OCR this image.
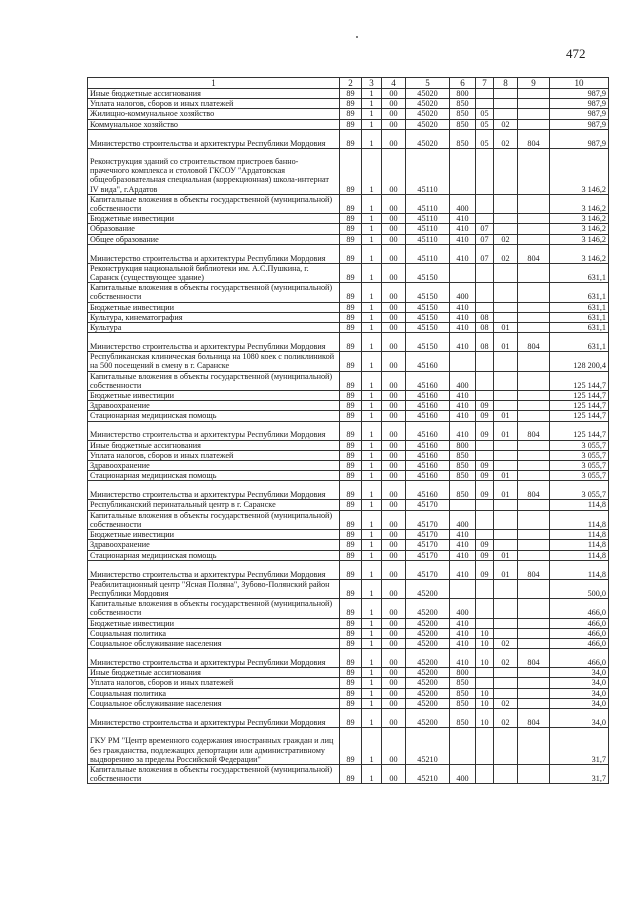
472
1	2	3	4	5	6	7	8	9	10
Иные бюджетные ассигнования	89	1	00	45020	800				987,9
Уплата налогов, сборов и иных платежей	89	1	00	45020	850				987,9
Жилищно-коммунальное хозяйство	89	1	00	45020	850	05			987,9
Коммунальное хозяйство	89	1	00	45020	850	05	02		987,9
Министерство строительства и архитектуры Республики Мордовия	89	1	00	45020	850	05	02	804	987,9
Реконструкция зданий со строительством пристроев банно-прачечного комплекса и столовой ГКСОУ "Ардатовская общеобразовательная специальная (коррекционная) школа-интернат IV вида", г.Ардатов	89	1	00	45110					3 146,2
Капитальные вложения в объекты государственной (муниципальной) собственности	89	1	00	45110	400				3 146,2
Бюджетные инвестиции	89	1	00	45110	410				3 146,2
Образование	89	1	00	45110	410	07			3 146,2
Общее образование	89	1	00	45110	410	07	02		3 146,2
Министерство строительства и архитектуры Республики Мордовия	89	1	00	45110	410	07	02	804	3 146,2
Реконструкция национальной библиотеки им. А.С.Пушкина, г. Саранск (существующее здание)	89	1	00	45150					631,1
Капитальные вложения в объекты государственной (муниципальной) собственности	89	1	00	45150	400				631,1
Бюджетные инвестиции	89	1	00	45150	410				631,1
Культура, кинематография	89	1	00	45150	410	08			631,1
Культура	89	1	00	45150	410	08	01		631,1
Министерство строительства и архитектуры Республики Мордовия	89	1	00	45150	410	08	01	804	631,1
Республиканская клиническая больница на 1080 коек с поликлиникой на 500 посещений в смену в г. Саранске	89	1	00	45160					128 200,4
Капитальные вложения в объекты государственной (муниципальной) собственности	89	1	00	45160	400				125 144,7
Бюджетные инвестиции	89	1	00	45160	410				125 144,7
Здравоохранение	89	1	00	45160	410	09			125 144,7
Стационарная медицинская помощь	89	1	00	45160	410	09	01		125 144,7
Министерство строительства и архитектуры Республики Мордовия	89	1	00	45160	410	09	01	804	125 144,7
Иные бюджетные ассигнования	89	1	00	45160	800				3 055,7
Уплата налогов, сборов и иных платежей	89	1	00	45160	850				3 055,7
Здравоохранение	89	1	00	45160	850	09			3 055,7
Стационарная медицинская помощь	89	1	00	45160	850	09	01		3 055,7
Министерство строительства и архитектуры Республики Мордовия	89	1	00	45160	850	09	01	804	3 055,7
Республиканский перинатальный центр в г. Саранске	89	1	00	45170					114,8
Капитальные вложения в объекты государственной (муниципальной) собственности	89	1	00	45170	400				114,8
Бюджетные инвестиции	89	1	00	45170	410				114,8
Здравоохранение	89	1	00	45170	410	09			114,8
Стационарная медицинская помощь	89	1	00	45170	410	09	01		114,8
Министерство строительства и архитектуры Республики Мордовия	89	1	00	45170	410	09	01	804	114,8
Реабилитационный центр "Ясная Поляна", Зубово-Полянский район Республики Мордовия	89	1	00	45200					500,0
Капитальные вложения в объекты государственной (муниципальной) собственности	89	1	00	45200	400				466,0
Бюджетные инвестиции	89	1	00	45200	410				466,0
Социальная политика	89	1	00	45200	410	10			466,0
Социальное обслуживание населения	89	1	00	45200	410	10	02		466,0
Министерство строительства и архитектуры Республики Мордовия	89	1	00	45200	410	10	02	804	466,0
Иные бюджетные ассигнования	89	1	00	45200	800				34,0
Уплата налогов, сборов и иных платежей	89	1	00	45200	850				34,0
Социальная политика	89	1	00	45200	850	10			34,0
Социальное обслуживание населения	89	1	00	45200	850	10	02		34,0
Министерство строительства и архитектуры Республики Мордовия	89	1	00	45200	850	10	02	804	34,0
ГКУ РМ "Центр временного содержания иностранных граждан и лиц без гражданства, подлежащих депортации или административному выдворению за пределы Российской Федерации"	89	1	00	45210					31,7
Капитальные вложения в объекты государственной (муниципальной) собственности	89	1	00	45210	400				31,7
